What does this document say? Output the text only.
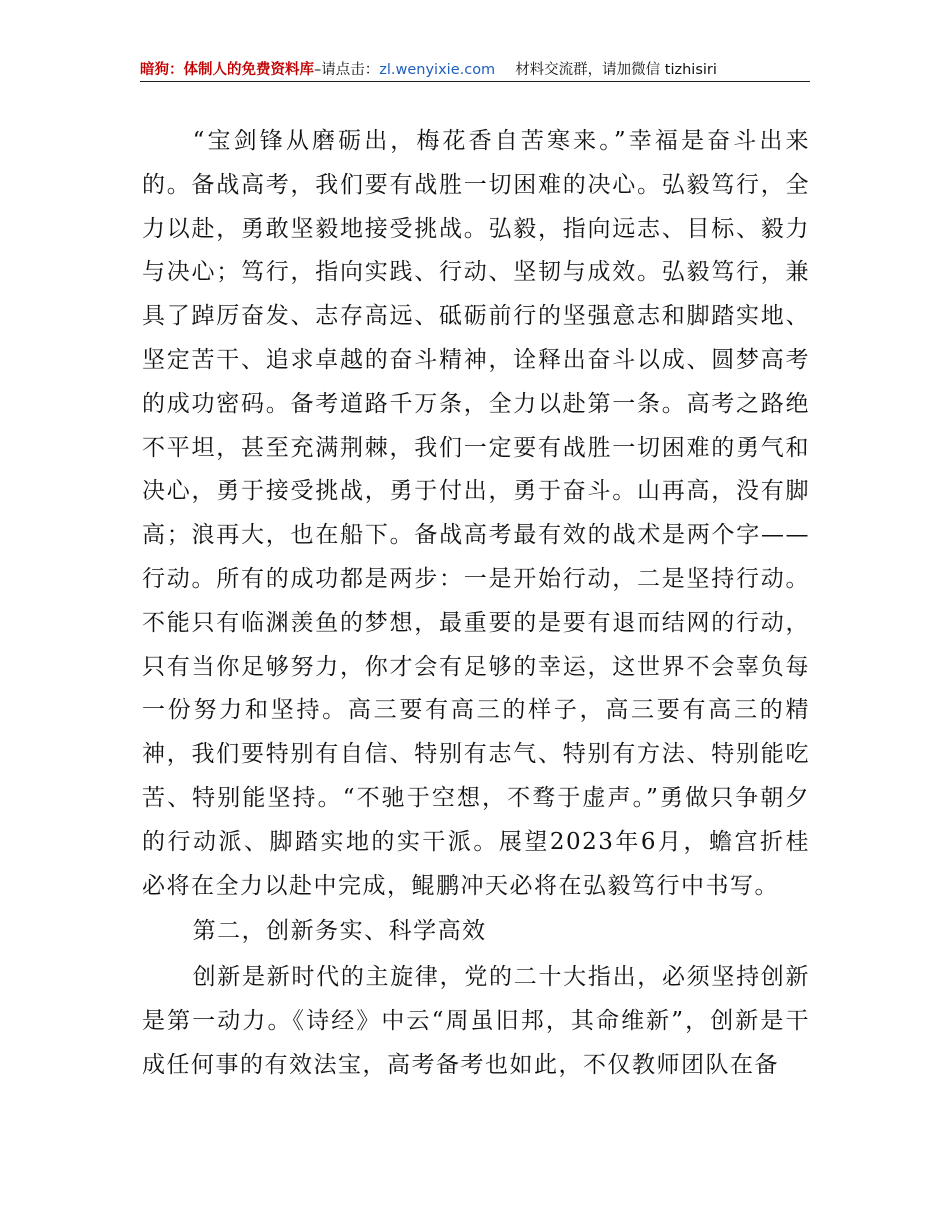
暗狗：体制人的免费资料库–请点击：zl.wenyixie.com 材料交流群，请加微信 tizhisiri

“宝剑锋从磨砺出，梅花香自苦寒来。”幸福是奋斗出来的。备战高考，我们要有战胜一切困难的决心。弘毅笃行，全力以赴，勇敢坚毅地接受挑战。弘毅，指向远志、目标、毅力与决心；笃行，指向实践、行动、坚韧与成效。弘毅笃行，兼具了踔厉奋发、志存高远、砥砺前行的坚强意志和脚踏实地、坚定苦干、追求卓越的奋斗精神，诠释出奋斗以成、圆梦高考的成功密码。备考道路千万条，全力以赴第一条。高考之路绝不平坦，甚至充满荆棘，我们一定要有战胜一切困难的勇气和决心，勇于接受挑战，勇于付出，勇于奋斗。山再高，没有脚高；浪再大，也在船下。备战高考最有效的战术是两个字——行动。所有的成功都是两步：一是开始行动，二是坚持行动。不能只有临渊羡鱼的梦想，最重要的是要有退而结网的行动，只有当你足够努力，你才会有足够的幸运，这世界不会辜负每一份努力和坚持。高三要有高三的样子，高三要有高三的精神，我们要特别有自信、特别有志气、特别有方法、特别能吃苦、特别能坚持。“不驰于空想，不骛于虚声。”勇做只争朝夕的行动派、脚踏实地的实干派。展望2023年6月，蟾宫折桂必将在全力以赴中完成，鲲鹏冲天必将在弘毅笃行中书写。

第二，创新务实、科学高效

创新是新时代的主旋律，党的二十大指出，必须坚持创新是第一动力。《诗经》中云“周虽旧邦，其命维新”，创新是干成任何事的有效法宝，高考备考也如此，不仅教师团队在备
